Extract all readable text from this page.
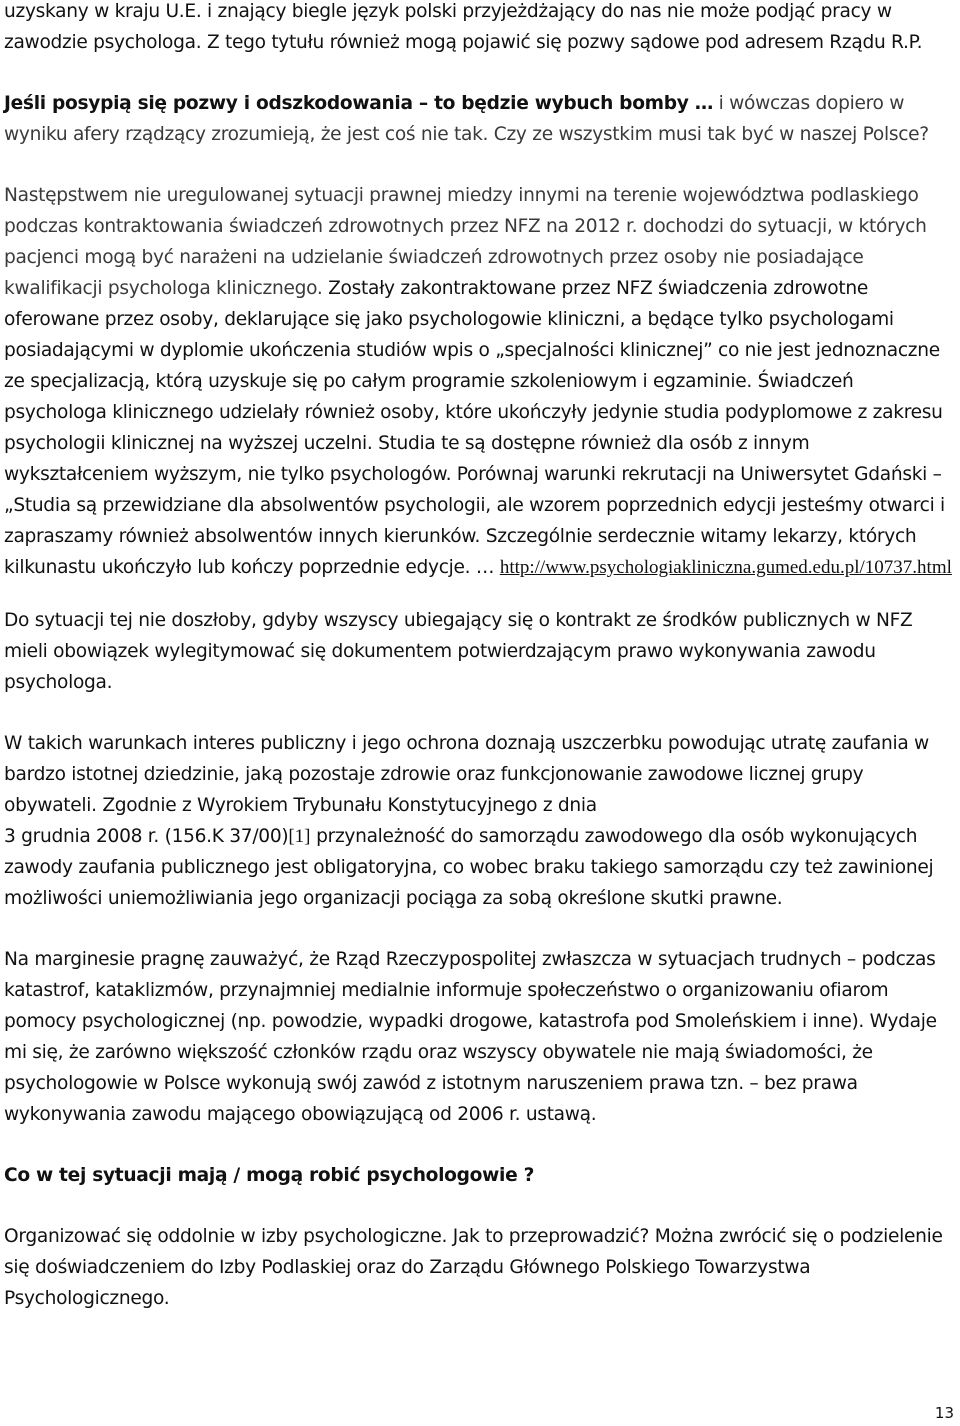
uzyskany w kraju U.E. i znający biegle język polski przyjeżdżający do nas nie może podjąć pracy w zawodzie psychologa. Z tego tytułu również mogą pojawić się pozwy sądowe pod adresem Rządu R.P.

Jeśli posypią się pozwy i odszkodowania – to będzie wybuch bomby … i wówczas dopiero w wyniku afery rządzący zrozumieją, że jest coś nie tak. Czy ze wszystkim musi tak być w naszej Polsce?

Następstwem nie uregulowanej sytuacji prawnej miedzy innymi na terenie województwa podlaskiego podczas kontraktowania świadczeń zdrowotnych przez NFZ na 2012 r. dochodzi do sytuacji, w których pacjenci mogą być narażeni na udzielanie świadczeń zdrowotnych przez osoby nie posiadające kwalifikacji psychologa klinicznego. Zostały zakontraktowane przez NFZ świadczenia zdrowotne oferowane przez osoby, deklarujące się jako psychologowie kliniczni, a będące tylko psychologami posiadającymi w dyplomie ukończenia studiów wpis o „specjalności klinicznej” co nie jest jednoznaczne ze specjalizacją, którą uzyskuje się po całym programie szkoleniowym i egzaminie. Świadczeń psychologa klinicznego udzielały również osoby, które ukończyły jedynie studia podyplomowe z zakresu psychologii klinicznej na wyższej uczelni. Studia te są dostępne również dla osób z innym wykształceniem wyższym, nie tylko psychologów. Porównaj warunki rekrutacji na Uniwersytet Gdański – „Studia są przewidziane dla absolwentów psychologii, ale wzorem poprzednich edycji jesteśmy otwarci i zapraszamy również absolwentów innych kierunków. Szczególnie serdecznie witamy lekarzy, których kilkunastu ukończyło lub kończy poprzednie edycje. … http://www.psychologiakliniczna.gumed.edu.pl/10737.html

Do sytuacji tej nie doszłoby, gdyby wszyscy ubiegający się o kontrakt ze środków publicznych w NFZ mieli obowiązek wylegitymować się dokumentem potwierdzającym prawo wykonywania zawodu psychologa.

W takich warunkach interes publiczny i jego ochrona doznają uszczerbku powodując utratę zaufania w bardzo istotnej dziedzinie, jaką pozostaje zdrowie oraz funkcjonowanie zawodowe licznej grupy obywateli. Zgodnie z Wyrokiem Trybunału Konstytucyjnego z dnia
3 grudnia 2008 r. (156.K 37/00)[1] przynależność do samorządu zawodowego dla osób wykonujących zawody zaufania publicznego jest obligatoryjna, co wobec braku takiego samorządu czy też zawinionej możliwości uniemożliwiania jego organizacji pociąga za sobą określone skutki prawne.

Na marginesie pragnę zauważyć, że Rząd Rzeczypospolitej zwłaszcza w sytuacjach trudnych – podczas katastrof, kataklizmów, przynajmniej medialnie informuje społeczeństwo o organizowaniu ofiarom pomocy psychologicznej (np. powodzie, wypadki drogowe, katastrofa pod Smoleńskiem i inne). Wydaje mi się, że zarówno większość członków rządu oraz wszyscy obywatele nie mają świadomości, że psychologowie w Polsce wykonują swój zawód z istotnym naruszeniem prawa tzn. – bez prawa wykonywania zawodu mającego obowiązującą od 2006 r. ustawą.

Co w tej sytuacji mają / mogą robić psychologowie ?

Organizować się oddolnie w izby psychologiczne. Jak to przeprowadzić? Można zwrócić się o podzielenie się doświadczeniem do Izby Podlaskiej oraz do Zarządu Głównego Polskiego Towarzystwa Psychologicznego.

13
